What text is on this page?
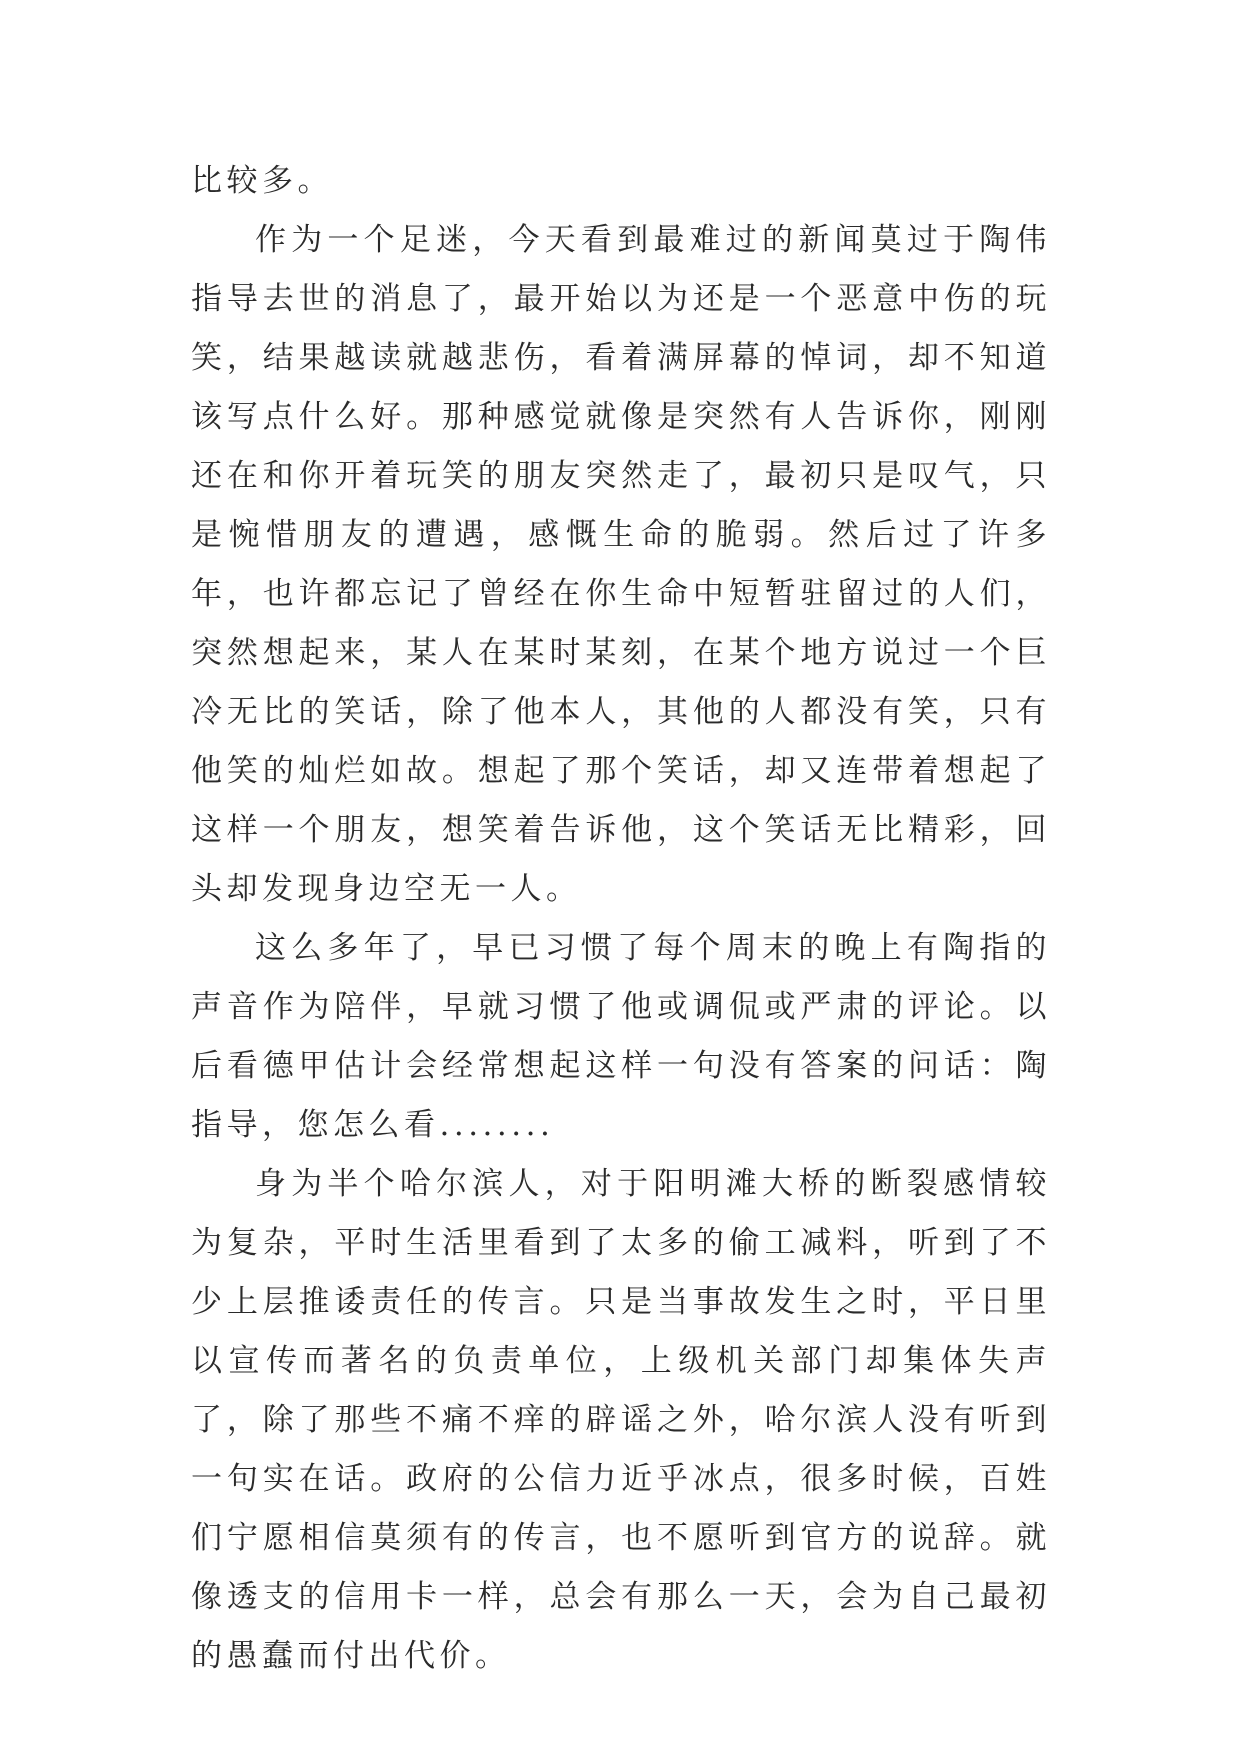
比较多。

作为一个足迷，今天看到最难过的新闻莫过于陶伟指导去世的消息了，最开始以为还是一个恶意中伤的玩笑，结果越读就越悲伤，看着满屏幕的悼词，却不知道该写点什么好。那种感觉就像是突然有人告诉你，刚刚还在和你开着玩笑的朋友突然走了，最初只是叹气，只是惋惜朋友的遭遇，感慨生命的脆弱。然后过了许多年，也许都忘记了曾经在你生命中短暂驻留过的人们，突然想起来，某人在某时某刻，在某个地方说过一个巨冷无比的笑话，除了他本人，其他的人都没有笑，只有他笑的灿烂如故。想起了那个笑话，却又连带着想起了这样一个朋友，想笑着告诉他，这个笑话无比精彩，回头却发现身边空无一人。

这么多年了，早已习惯了每个周末的晚上有陶指的声音作为陪伴，早就习惯了他或调侃或严肃的评论。以后看德甲估计会经常想起这样一句没有答案的问话：陶指导，您怎么看........

身为半个哈尔滨人，对于阳明滩大桥的断裂感情较为复杂，平时生活里看到了太多的偷工减料，听到了不少上层推诿责任的传言。只是当事故发生之时，平日里以宣传而著名的负责单位，上级机关部门却集体失声了，除了那些不痛不痒的辟谣之外，哈尔滨人没有听到一句实在话。政府的公信力近乎冰点，很多时候，百姓们宁愿相信莫须有的传言，也不愿听到官方的说辞。就像透支的信用卡一样，总会有那么一天，会为自己最初的愚蠢而付出代价。
